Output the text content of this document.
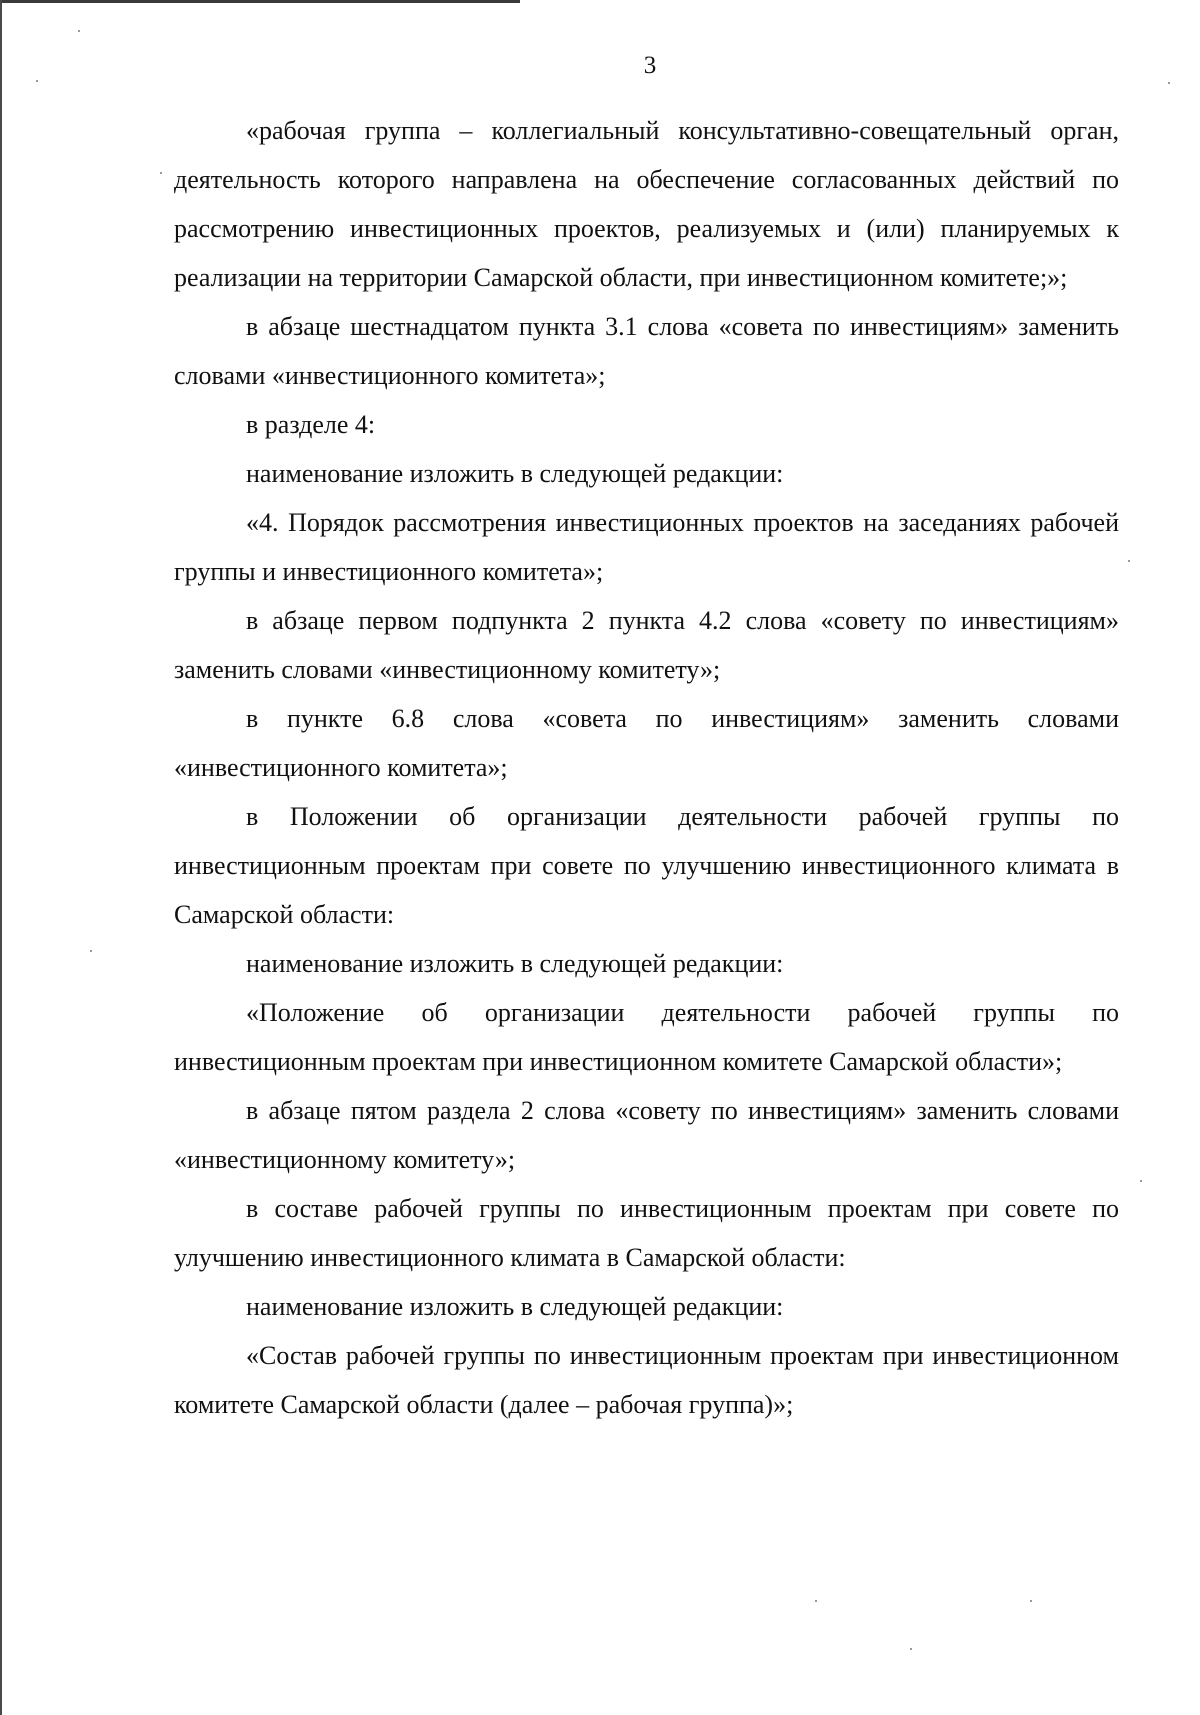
3

«рабочая группа – коллегиальный консультативно-совещательный орган, деятельность которого направлена на обеспечение согласованных действий по рассмотрению инвестиционных проектов, реализуемых и (или) планируемых к реализации на территории Самарской области, при инвестиционном комитете;»;

в абзаце шестнадцатом пункта 3.1 слова «совета по инвестициям» заменить словами «инвестиционного комитета»;

в разделе 4:

наименование изложить в следующей редакции:

«4. Порядок рассмотрения инвестиционных проектов на заседаниях рабочей группы и инвестиционного комитета»;

в абзаце первом подпункта 2 пункта 4.2 слова «совету по инвестициям» заменить словами «инвестиционному комитету»;

в пункте 6.8 слова «совета по инвестициям» заменить словами «инвестиционного комитета»;

в Положении об организации деятельности рабочей группы по инвестиционным проектам при совете по улучшению инвестиционного климата в Самарской области:

наименование изложить в следующей редакции:

«Положение об организации деятельности рабочей группы по инвестиционным проектам при инвестиционном комитете Самарской области»;

в абзаце пятом раздела 2 слова «совету по инвестициям» заменить словами «инвестиционному комитету»;

в составе рабочей группы по инвестиционным проектам при совете по улучшению инвестиционного климата в Самарской области:

наименование изложить в следующей редакции:

«Состав рабочей группы по инвестиционным проектам при инвестиционном комитете Самарской области (далее – рабочая группа)»;
